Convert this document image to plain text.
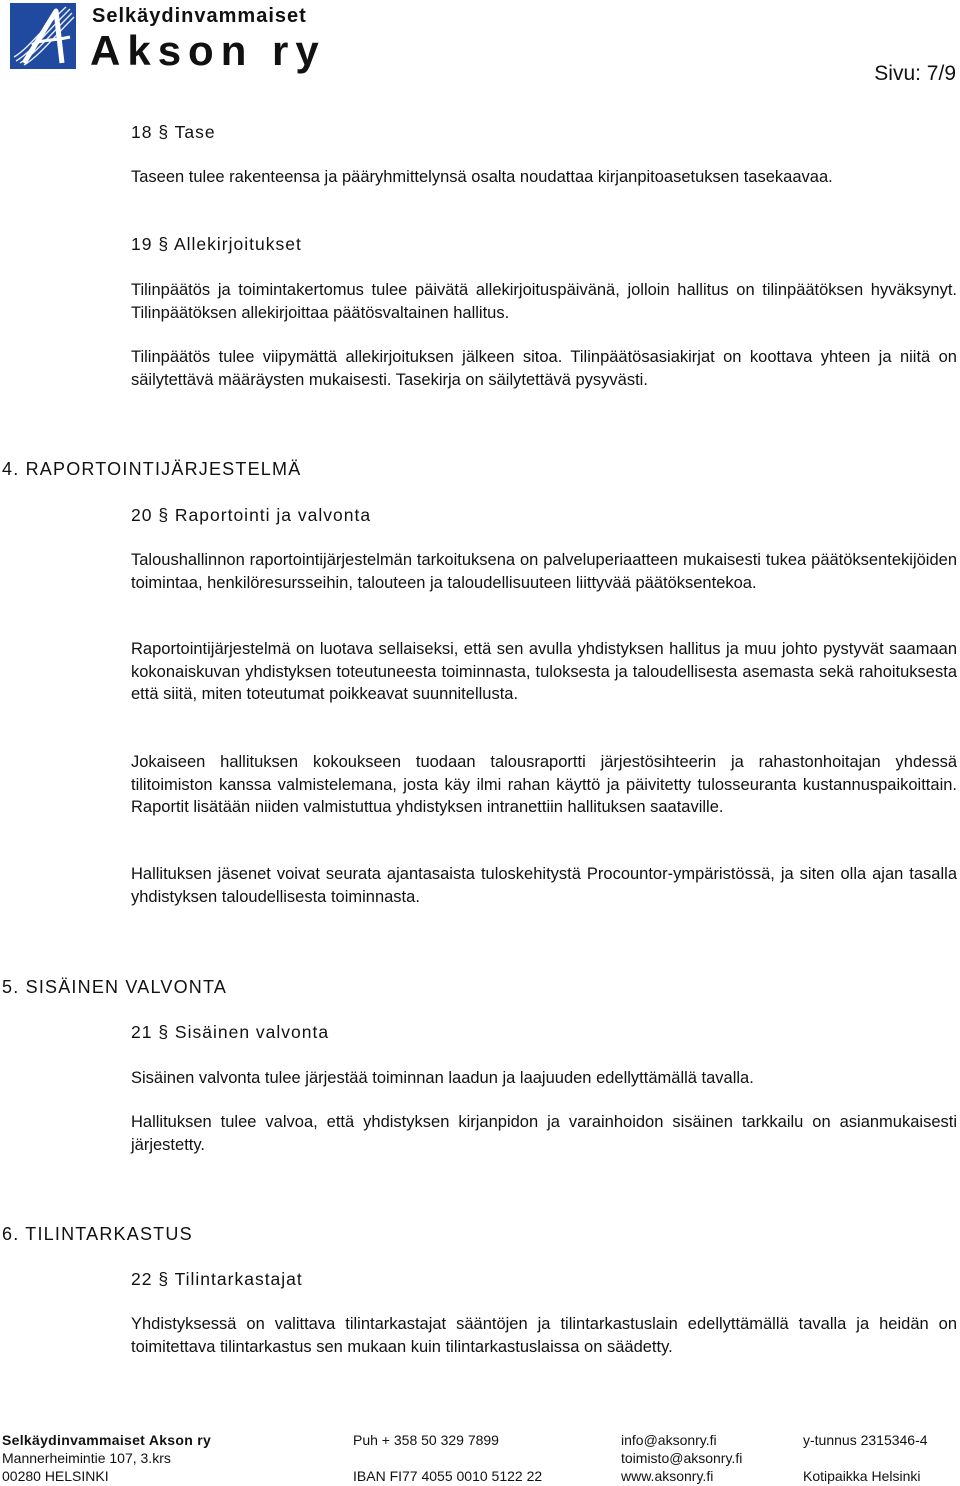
Selkäydinvammaiset
Akson ry	Sivu: 7/9
18 § Tase

Taseen tulee rakenteensa ja pääryhmittelynsä osalta noudattaa kirjanpitoasetuksen tasekaavaa.

19 § Allekirjoitukset

Tilinpäätös ja toimintakertomus tulee päivätä allekirjoituspäivänä, jolloin hallitus on tilinpäätöksen hyväksynyt. Tilinpäätöksen allekirjoittaa päätösvaltainen hallitus.

Tilinpäätös tulee viipymättä allekirjoituksen jälkeen sitoa. Tilinpäätösasiakirjat on koottava yhteen ja niitä on säilytettävä määräysten mukaisesti. Tasekirja on säilytettävä pysyvästi.

4. RAPORTOINTIJÄRJESTELMÄ
20 § Raportointi ja valvonta

Taloushallinnon raportointijärjestelmän tarkoituksena on palveluperiaatteen mukaisesti tukea päätöksentekijöiden toimintaa, henkilöresursseihin, talouteen ja taloudellisuuteen liittyvää päätöksentekoa.

Raportointijärjestelmä on luotava sellaiseksi, että sen avulla yhdistyksen hallitus ja muu johto pystyvät saamaan kokonaiskuvan yhdistyksen toteutuneesta toiminnasta, tuloksesta ja taloudellisesta asemasta sekä rahoituksesta että siitä, miten toteutumat poikkeavat suunnitellusta.

Jokaiseen hallituksen kokoukseen tuodaan talousraportti järjestösihteerin ja rahastonhoitajan yhdessä tilitoimiston kanssa valmistelemana, josta käy ilmi rahan käyttö ja päivitetty tulosseuranta kustannuspaikoittain. Raportit lisätään niiden valmistuttua yhdistyksen intranettiin hallituksen saataville.

Hallituksen jäsenet voivat seurata ajantasaista tuloskehitystä Procountor-ympäristössä, ja siten olla ajan tasalla yhdistyksen taloudellisesta toiminnasta.

5. SISÄINEN VALVONTA
21 § Sisäinen valvonta

Sisäinen valvonta tulee järjestää toiminnan laadun ja laajuuden edellyttämällä tavalla.

Hallituksen tulee valvoa, että yhdistyksen kirjanpidon ja varainhoidon sisäinen tarkkailu on asianmukaisesti järjestetty.

6. TILINTARKASTUS
22 § Tilintarkastajat

Yhdistyksessä on valittava tilintarkastajat sääntöjen ja tilintarkastuslain edellyttämällä tavalla ja heidän on toimitettava tilintarkastus sen mukaan kuin tilintarkastuslaissa on säädetty.

Selkäydinvammaiset Akson ry
Mannerheimintie 107, 3.krs
00280 HELSINKI
Puh + 358 50 329 7899
IBAN FI77 4055 0010 5122 22
info@aksonry.fi
toimisto@aksonry.fi
www.aksonry.fi
y-tunnus 2315346-4
Kotipaikka Helsinki
